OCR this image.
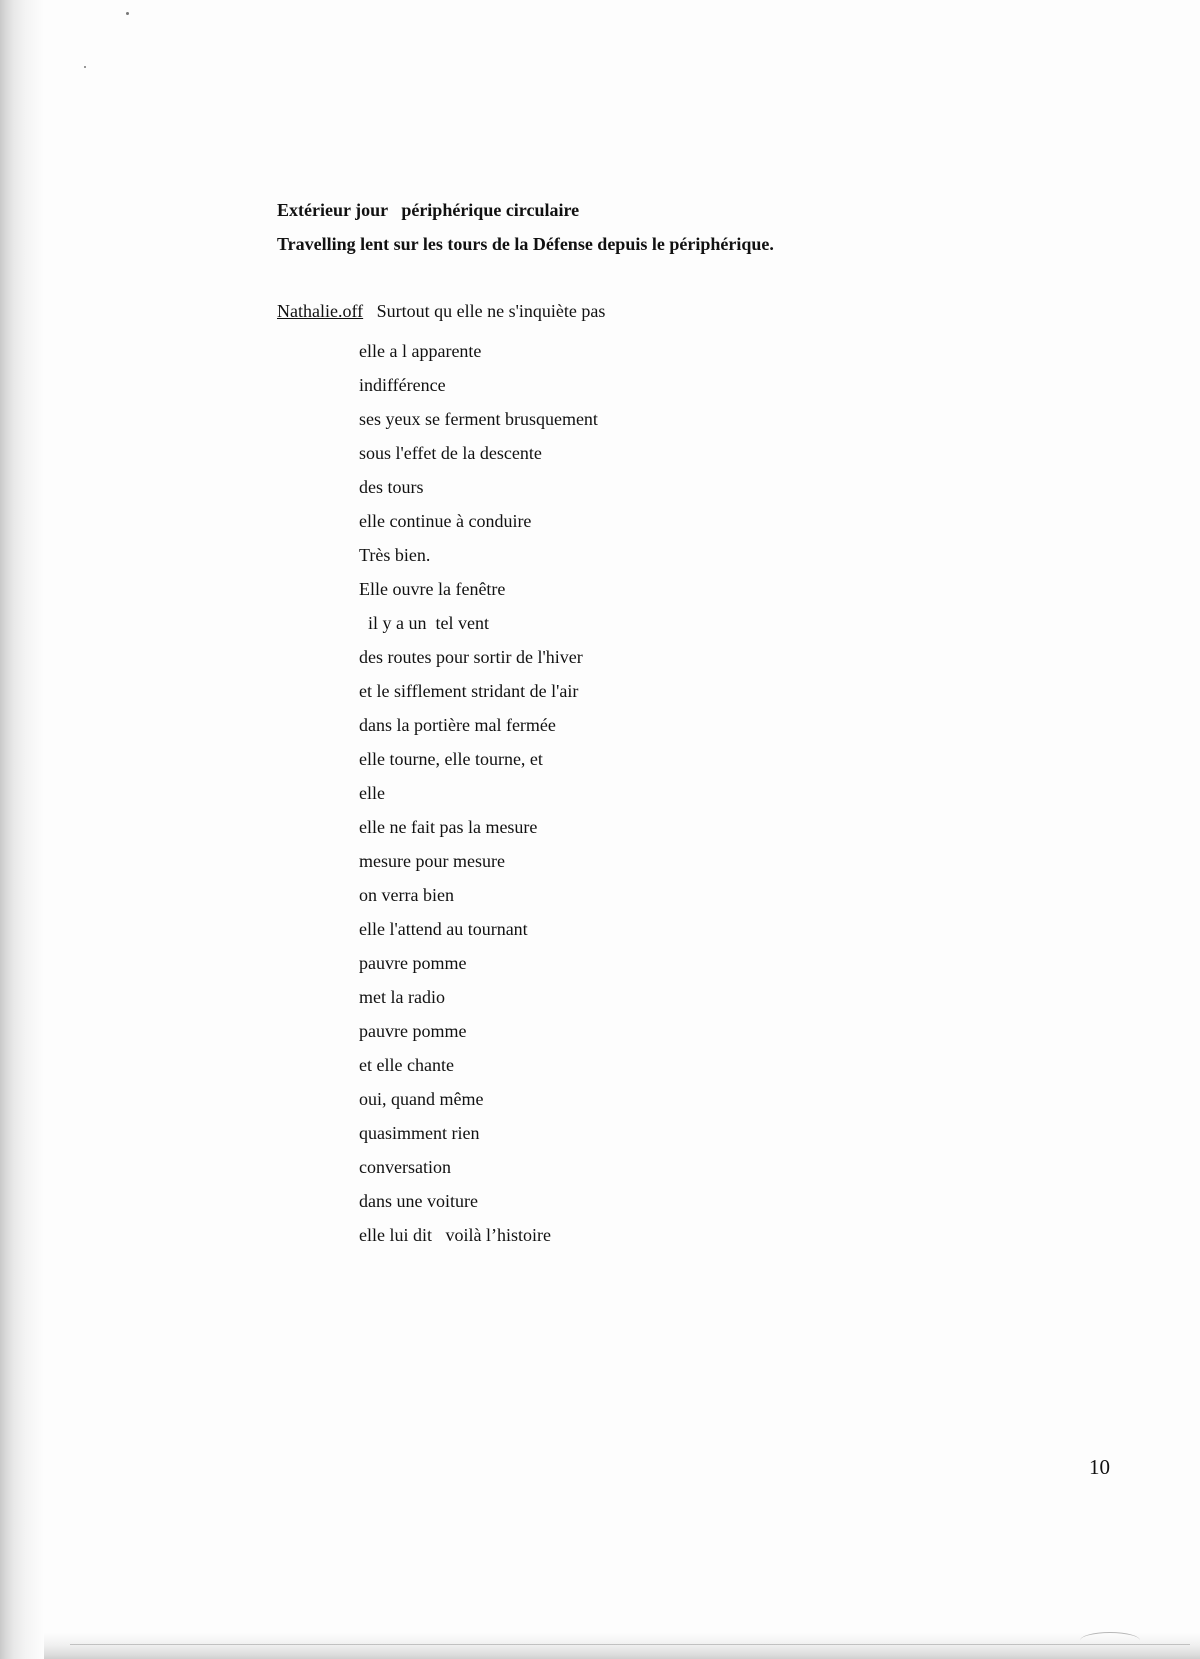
Extérieur jour   périphérique circulaire

Travelling lent sur les tours de la Défense depuis le périphérique.

Nathalie.off   Surtout qu elle ne s'inquiète pas
elle a l apparente
indifférence
ses yeux se ferment brusquement
sous l'effet de la descente
des tours
elle continue à conduire
Très bien.
Elle ouvre la fenêtre
il y a un  tel vent
des routes pour sortir de l'hiver
et le sifflement stridant de l'air
dans la portière mal fermée
elle tourne, elle tourne, et
elle
elle ne fait pas la mesure
mesure pour mesure
on verra bien
elle l'attend au tournant
pauvre pomme
met la radio
pauvre pomme
et elle chante
oui, quand même
quasimment rien
conversation
dans une voiture
elle lui dit   voilà l’histoire
10
